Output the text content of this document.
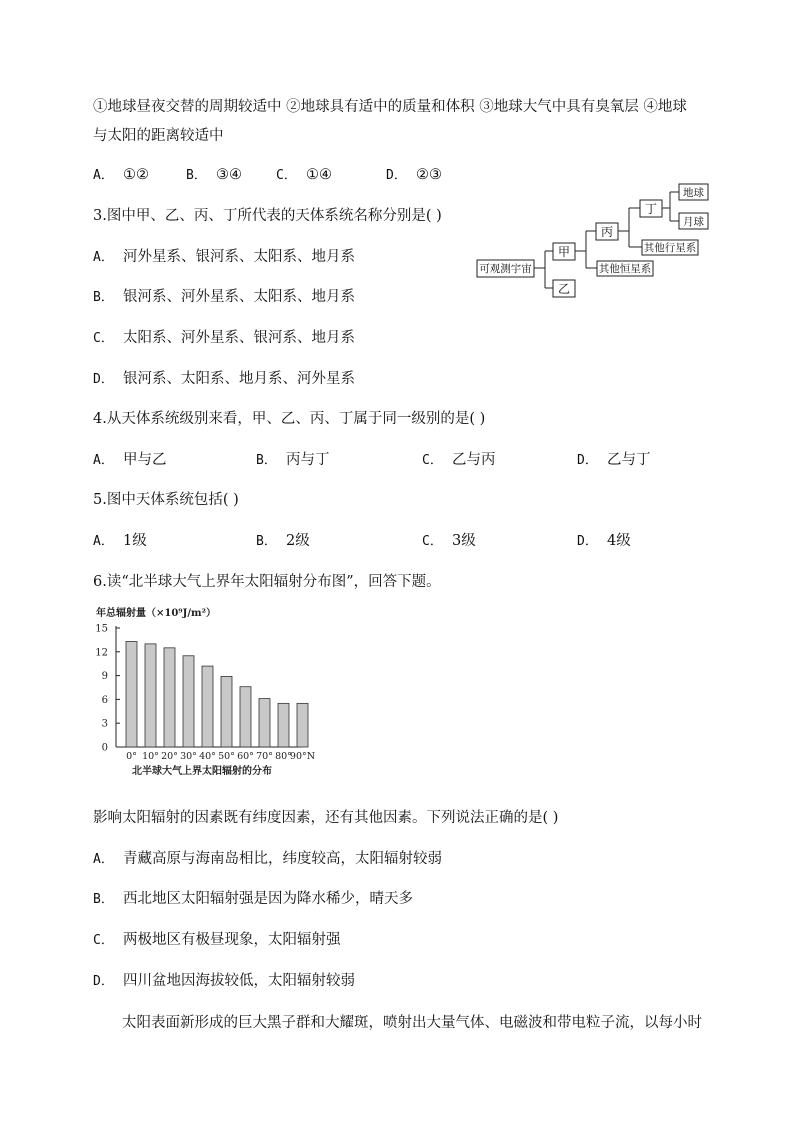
①地球昼夜交替的周期较适中 ②地球具有适中的质量和体积 ③地球大气中具有臭氧层 ④地球
与太阳的距离较适中
A． ①②	B． ③④	C． ①④	D． ②③
3.图中甲、乙、丙、丁所代表的天体系统名称分别是( )
A． 河外星系、银河系、太阳系、地月系
B． 银河系、河外星系、太阳系、地月系
C． 太阳系、河外星系、银河系、地月系
D． 银河系、太阳系、地月系、河外星系
可观测宇宙
甲
乙
丙
其他恒星系
丁
其他行星系
地球
月球
4.从天体系统级别来看，甲、乙、丙、丁属于同一级别的是( )
A． 甲与乙	B． 丙与丁	C． 乙与丙	D． 乙与丁
5.图中天体系统包括( )
A． 1级	B． 2级	C． 3级	D． 4级
6.读“北半球大气上界年太阳辐射分布图”，回答下题。
年总辐射量（×10⁹J/m²）
0
3
6
9
12
15
0° 10° 20° 30° 40° 50° 60° 70° 80°
90°N
北半球大气上界太阳辐射的分布
影响太阳辐射的因素既有纬度因素，还有其他因素。下列说法正确的是( )
A． 青藏高原与海南岛相比，纬度较高，太阳辐射较弱
B． 西北地区太阳辐射强是因为降水稀少，晴天多
C． 两极地区有极昼现象，太阳辐射强
D． 四川盆地因海拔较低，太阳辐射较弱
太阳表面新形成的巨大黑子群和大耀斑，喷射出大量气体、电磁波和带电粒子流，以每小时
